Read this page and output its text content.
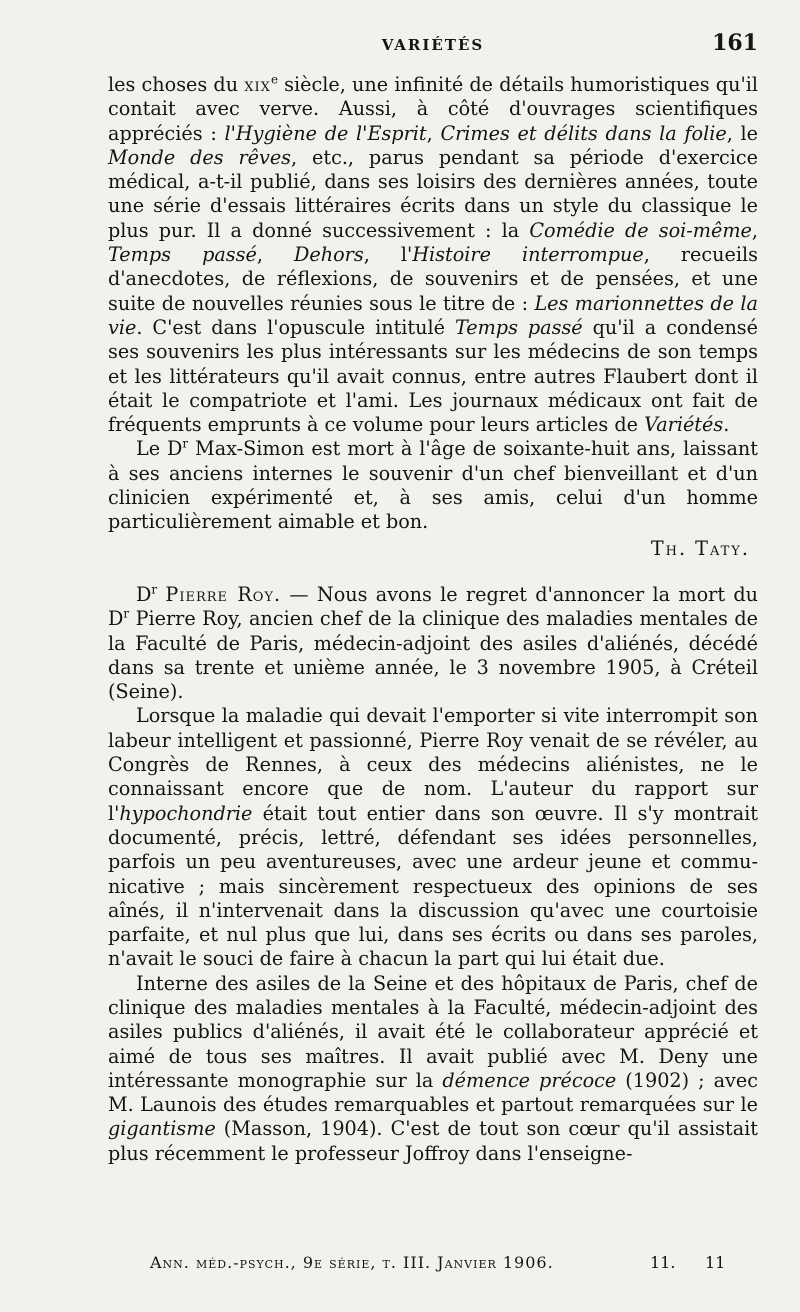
VARIÉTÉS	161

les choses du xix$^e$ siècle, une infinité de détails humoristiques qu'il contait avec verve. Aussi, à côté d'ouvrages scientifiques appréciés : l'Hygiène de l'Esprit, Crimes et délits dans la folie, le Monde des rêves, etc., parus pendant sa période d'exercice médical, a-t-il publié, dans ses loisirs des dernières années, toute une série d'essais littéraires écrits dans un style du classique le plus pur. Il a donné successivement : la Comédie de soi-même, Temps passé, Dehors, l'Histoire interrompue, recueils d'anecdotes, de réflexions, de souvenirs et de pensées, et une suite de nouvelles réunies sous le titre de : Les marionnettes de la vie. C'est dans l'opuscule intitulé Temps passé qu'il a condensé ses souvenirs les plus intéressants sur les médecins de son temps et les littérateurs qu'il avait connus, entre autres Flaubert dont il était le compatriote et l'ami. Les journaux médicaux ont fait de fréquents emprunts à ce volume pour leurs articles de Variétés.

Le $D^r$ Max-Simon est mort à l'âge de soixante-huit ans, laissant à ses anciens internes le souvenir d'un chef bienveillant et d'un clinicien expérimenté et, à ses amis, celui d'un homme particulièrement aimable et bon.

Th. Taty.

$D^r$ Pierre Roy. — Nous avons le regret d'annoncer la mort du $D^r$ Pierre Roy, ancien chef de la clinique des maladies mentales de la Faculté de Paris, médecin-adjoint des asiles d'aliénés, décédé dans sa trente et unième année, le 3 novembre 1905, à Créteil (Seine).

Lorsque la maladie qui devait l'emporter si vite interrompit son labeur intelligent et passionné, Pierre Roy venait de se révéler, au Congrès de Rennes, à ceux des médecins aliénistes, ne le connaissant encore que de nom. L'auteur du rapport sur l'hypochondrie était tout entier dans son œuvre. Il s'y montrait documenté, précis, lettré, défendant ses idées personnelles, parfois un peu aventureuses, avec une ardeur jeune et communicative ; mais sincèrement respectueux des opinions de ses aînés, il n'intervenait dans la discussion qu'avec une courtoisie parfaite, et nul plus que lui, dans ses écrits ou dans ses paroles, n'avait le souci de faire à chacun la part qui lui était due.

Interne des asiles de la Seine et des hôpitaux de Paris, chef de clinique des maladies mentales à la Faculté, médecin-adjoint des asiles publics d'aliénés, il avait été le collaborateur apprécié et aimé de tous ses maîtres. Il avait publié avec M. Deny une intéressante monographie sur la démence précoce (1902) ; avec M. Launois des études remarquables et partout remarquées sur le gigantisme (Masson, 1904). C'est de tout son cœur qu'il assistait plus récemment le professeur Joffroy dans l'enseigne-

Ann. méd.-psych., 9e série, t. III. Janvier 1906.	11. 11
